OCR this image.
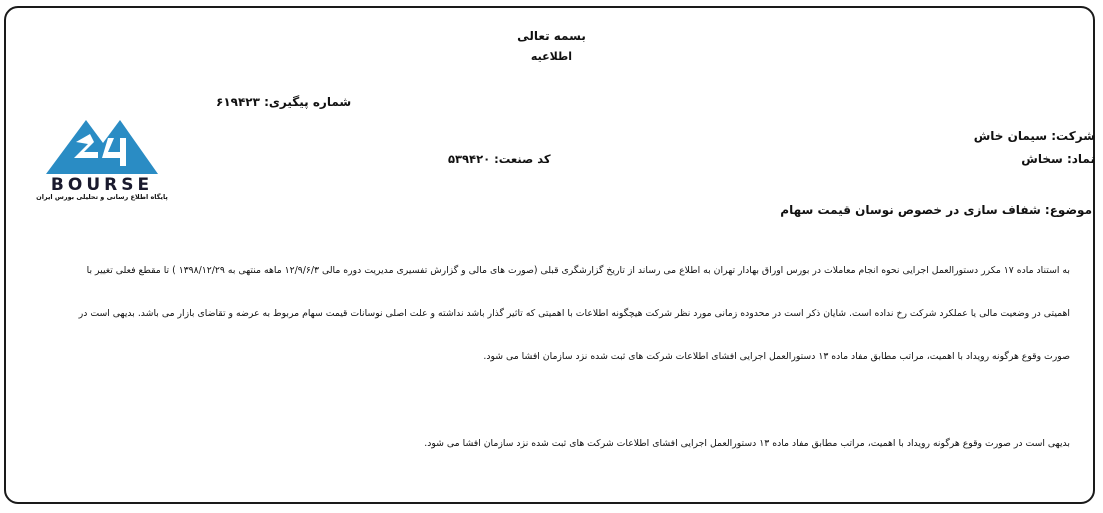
بسمه تعالی
اطلاعیه
شماره پیگیری: ۶۱۹۴۲۳
شرکت: سیمان خاش
نماد: سخاش
کد صنعت: ۵۳۹۴۲۰
BOURSE
پایگاه اطلاع رسانی و تحلیلی بورس ایران
موضوع: شفاف سازی در خصوص نوسان قیمت سهام
به استناد ماده ۱۷ مکرر دستورالعمل اجرایی نحوه انجام معاملات در بورس اوراق بهادار تهران به اطلاع می رساند از تاریخ گزارشگری قبلی (صورت های مالی و گزارش تفسیری مدیریت دوره مالی ۱۲/۹/۶/۳ ماهه منتهی به ۱۳۹۸/۱۲/۲۹ ) تا مقطع فعلی تغییر با
اهمیتی در وضعیت مالی یا عملکرد شرکت رخ نداده است. شایان ذکر است در محدوده زمانی مورد نظر شرکت هیچگونه اطلاعات با اهمیتی که تاثیر گذار باشد نداشته و علت اصلی نوسانات قیمت سهام مربوط به عرضه و تقاضای بازار می باشد. بدیهی است در
صورت وقوع هرگونه رویداد با اهمیت، مراتب مطابق مفاد ماده ۱۳ دستورالعمل اجرایی افشای اطلاعات شرکت های ثبت شده نزد سازمان افشا می شود.
بدیهی است در صورت وقوع هرگونه رویداد با اهمیت، مراتب مطابق مفاد ماده ۱۳ دستورالعمل اجرایی افشای اطلاعات شرکت های ثبت شده نزد سازمان افشا می شود.
